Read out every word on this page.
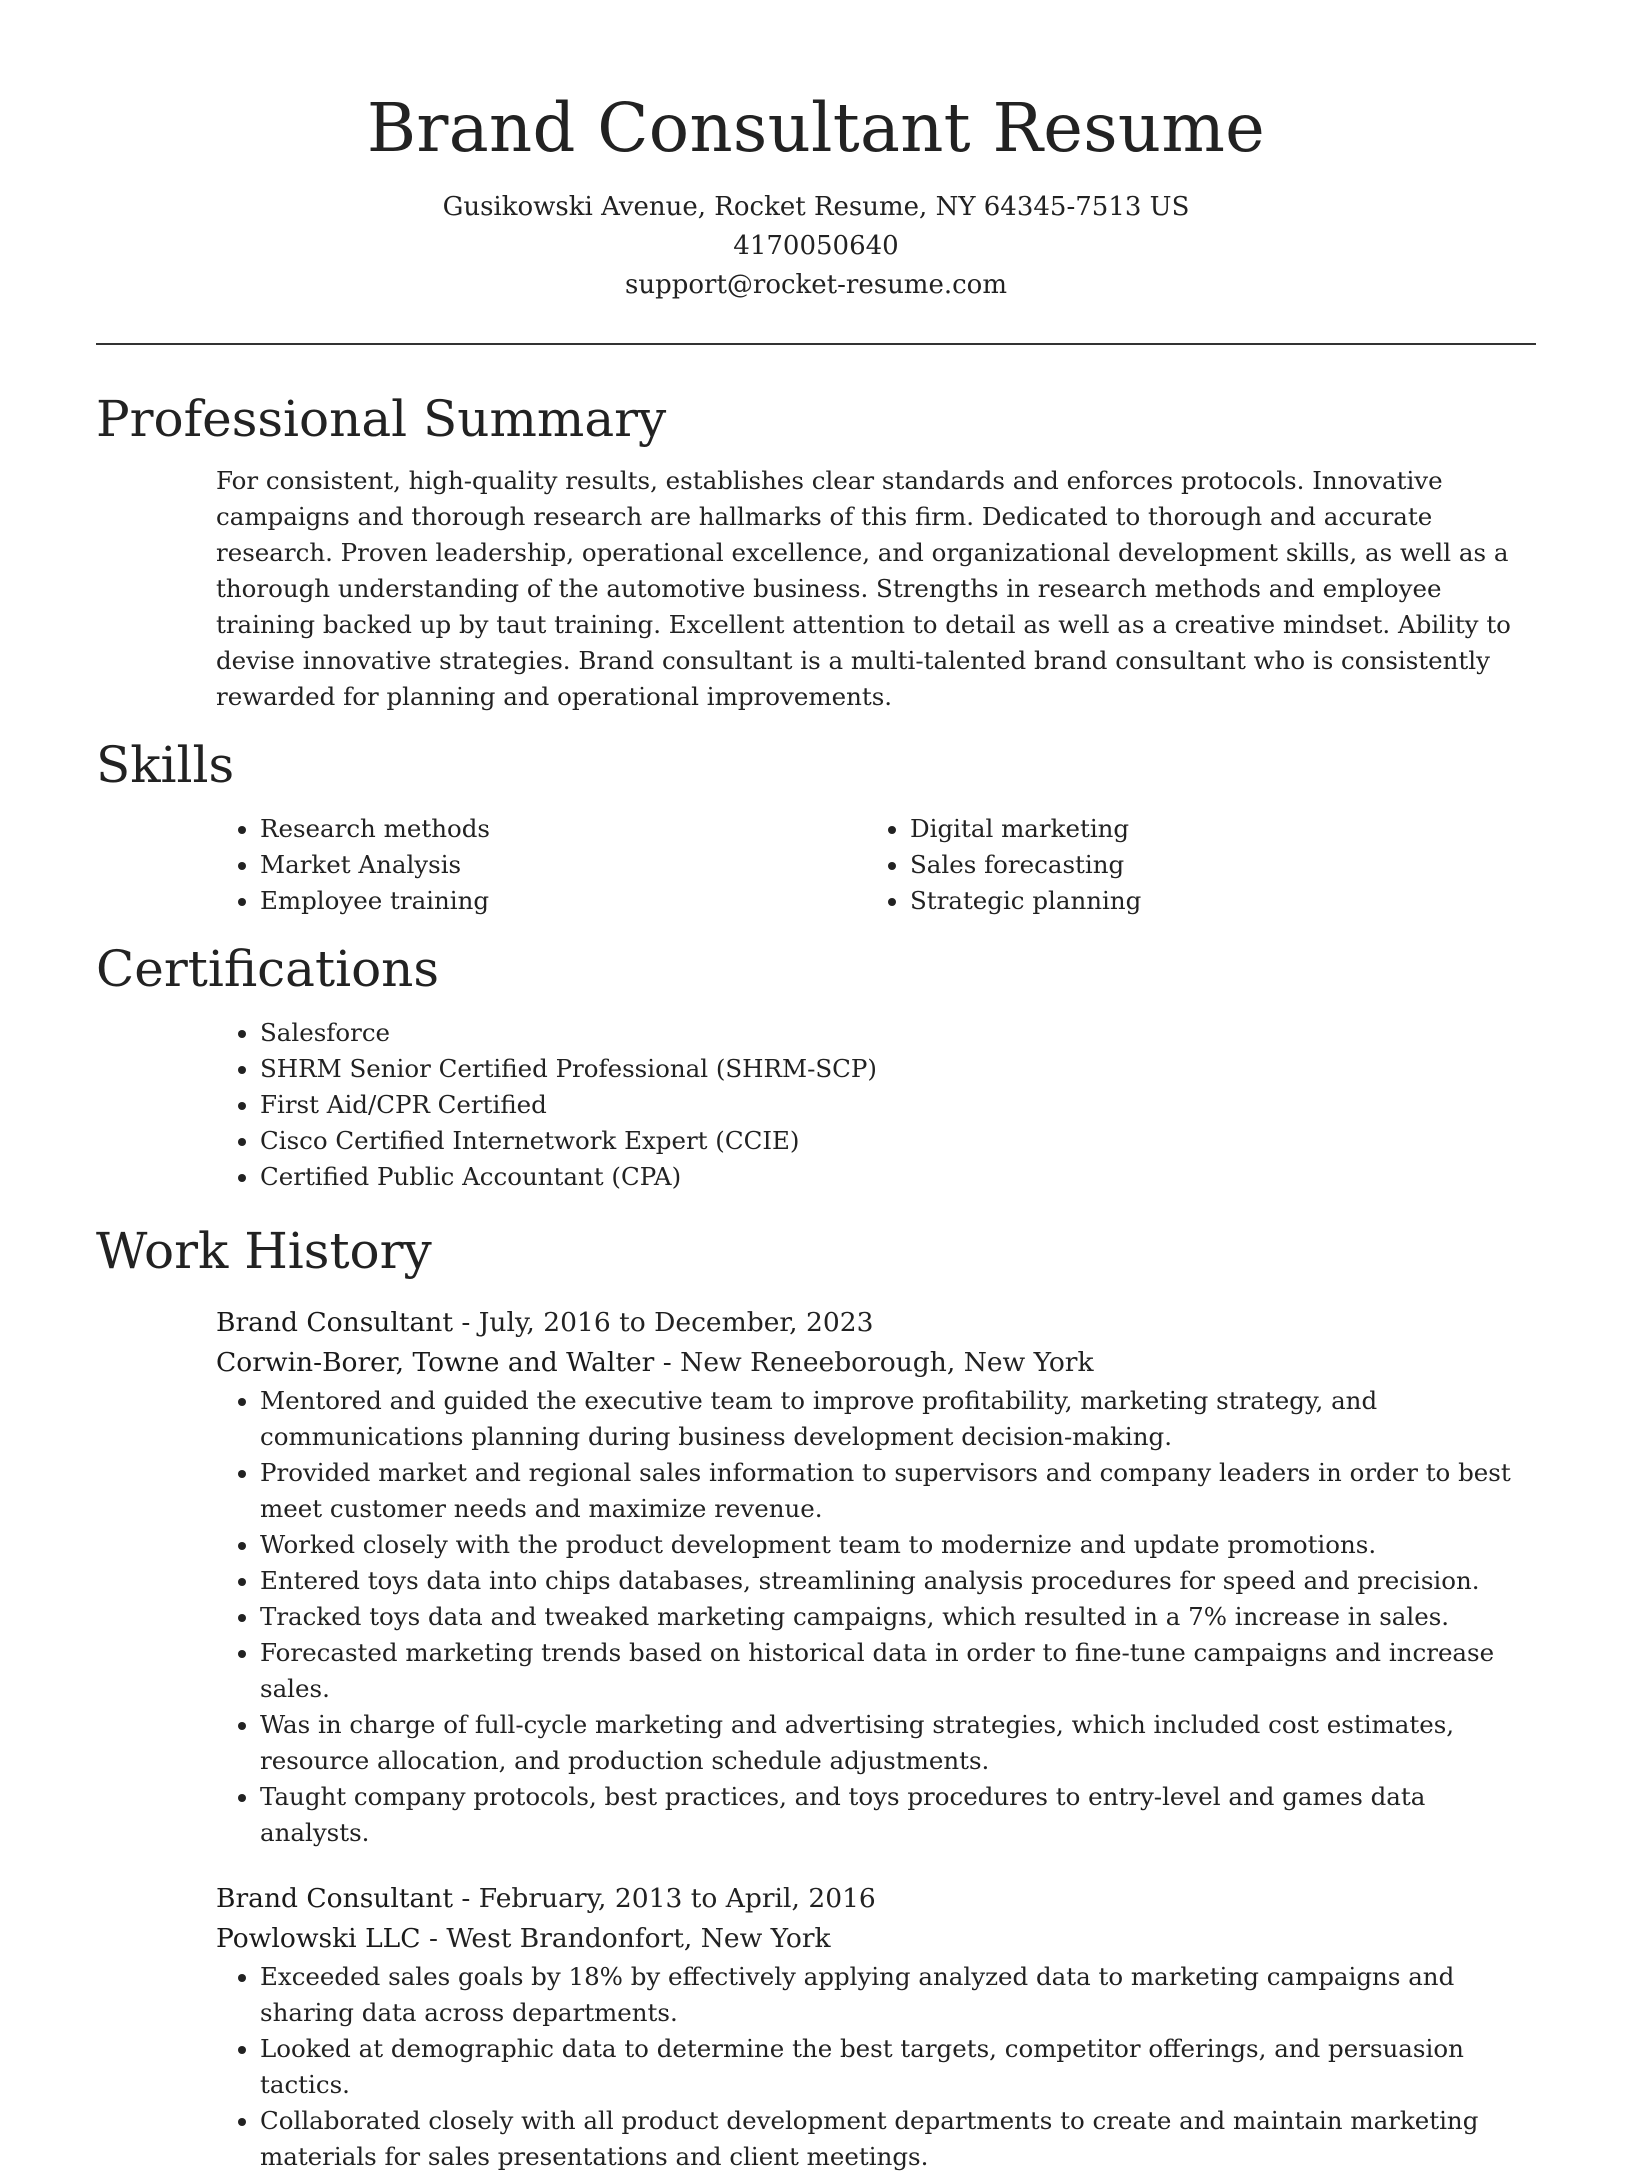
Brand Consultant Resume
Gusikowski Avenue, Rocket Resume, NY 64345-7513 US
4170050640
support@rocket-resume.com
Professional Summary

For consistent, high-quality results, establishes clear standards and enforces protocols. Innovative campaigns and thorough research are hallmarks of this firm. Dedicated to thorough and accurate research. Proven leadership, operational excellence, and organizational development skills, as well as a thorough understanding of the automotive business. Strengths in research methods and employee training backed up by taut training. Excellent attention to detail as well as a creative mindset. Ability to devise innovative strategies. Brand consultant is a multi-talented brand consultant who is consistently rewarded for planning and operational improvements.

Skills
• Research methods
• Market Analysis
• Employee training
• Digital marketing
• Sales forecasting
• Strategic planning
Certifications
• Salesforce
• SHRM Senior Certified Professional (SHRM-SCP)
• First Aid/CPR Certified
• Cisco Certified Internetwork Expert (CCIE)
• Certified Public Accountant (CPA)
Work History
Brand Consultant - July, 2016 to December, 2023
Corwin-Borer, Towne and Walter - New Reneeborough, New York
• Mentored and guided the executive team to improve profitability, marketing strategy, and communications planning during business development decision-making.
• Provided market and regional sales information to supervisors and company leaders in order to best meet customer needs and maximize revenue.
• Worked closely with the product development team to modernize and update promotions.
• Entered toys data into chips databases, streamlining analysis procedures for speed and precision.
• Tracked toys data and tweaked marketing campaigns, which resulted in a 7% increase in sales.
• Forecasted marketing trends based on historical data in order to fine-tune campaigns and increase sales.
• Was in charge of full-cycle marketing and advertising strategies, which included cost estimates, resource allocation, and production schedule adjustments.
• Taught company protocols, best practices, and toys procedures to entry-level and games data analysts.
Brand Consultant - February, 2013 to April, 2016
Powlowski LLC - West Brandonfort, New York
• Exceeded sales goals by 18% by effectively applying analyzed data to marketing campaigns and sharing data across departments.
• Looked at demographic data to determine the best targets, competitor offerings, and persuasion tactics.
• Collaborated closely with all product development departments to create and maintain marketing materials for sales presentations and client meetings.
